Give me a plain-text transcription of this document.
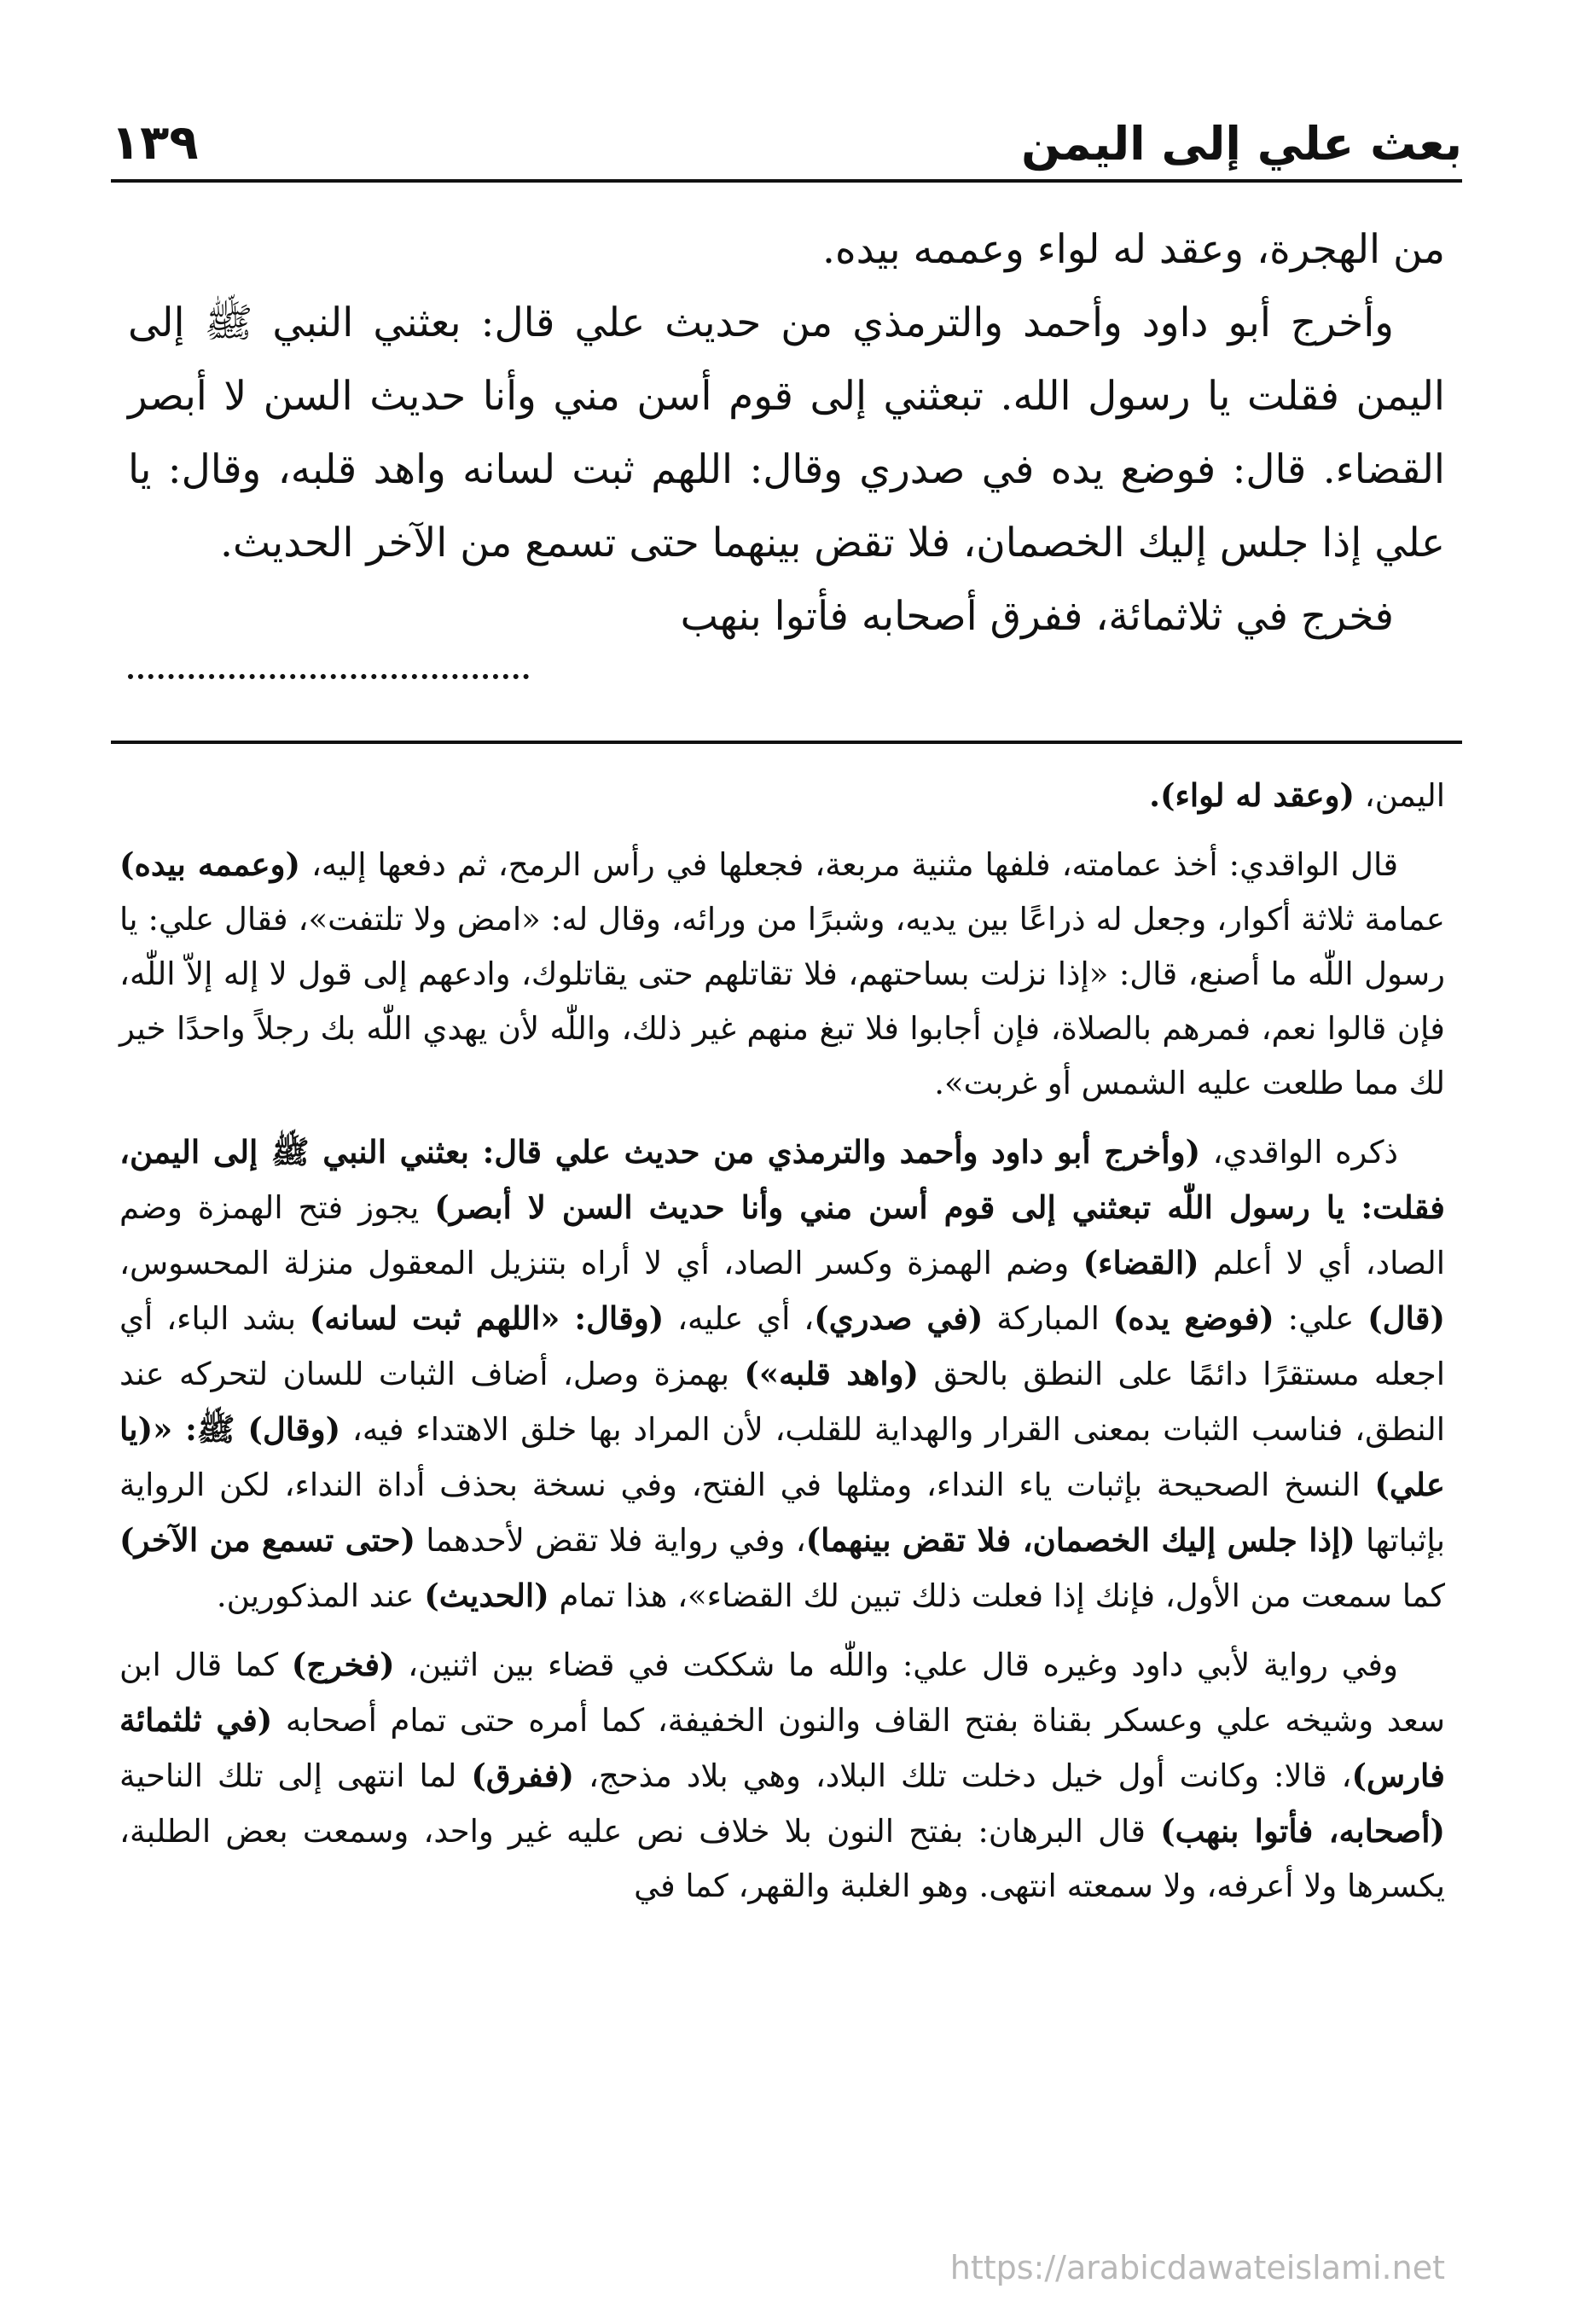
١٣٩	بعث علي إلى اليمن

من الهجرة، وعقد له لواء وعممه بيده.

وأخرج أبو داود وأحمد والترمذي من حديث علي قال: بعثني النبي ﷺ إلى اليمن فقلت يا رسول الله. تبعثني إلى قوم أسن مني وأنا حديث السن لا أبصر القضاء. قال: فوضع يده في صدري وقال: اللهم ثبت لسانه واهد قلبه، وقال: يا علي إذا جلس إليك الخصمان، فلا تقض بينهما حتى تسمع من الآخر الحديث.

فخرج في ثلاثمائة، ففرق أصحابه فأتوا بنهب

اليمن، (وعقد له لواء).

قال الواقدي: أخذ عمامته، فلفها مثنية مربعة، فجعلها في رأس الرمح، ثم دفعها إليه، (وعممه بيده) عمامة ثلاثة أكوار، وجعل له ذراعًا بين يديه، وشبرًا من ورائه، وقال له: «امض ولا تلتفت»، فقال علي: يا رسول اللّٰه ما أصنع، قال: «إذا نزلت بساحتهم، فلا تقاتلهم حتى يقاتلوك، وادعهم إلى قول لا إله إلاّ اللّٰه، فإن قالوا نعم، فمرهم بالصلاة، فإن أجابوا فلا تبغ منهم غير ذلك، واللّٰه لأن يهدي اللّٰه بك رجلاً واحدًا خير لك مما طلعت عليه الشمس أو غربت».

ذكره الواقدي، (وأخرج أبو داود وأحمد والترمذي من حديث علي قال: بعثني النبي ﷺ إلى اليمن، فقلت: يا رسول اللّٰه تبعثني إلى قوم أسن مني وأنا حديث السن لا أبصر) يجوز فتح الهمزة وضم الصاد، أي لا أعلم (القضاء) وضم الهمزة وكسر الصاد، أي لا أراه بتنزيل المعقول منزلة المحسوس، (قال) علي: (فوضع يده) المباركة (في صدري)، أي عليه، (وقال: «اللهم ثبت لسانه) بشد الباء، أي اجعله مستقرًا دائمًا على النطق بالحق (واهد قلبه») بهمزة وصل، أضاف الثبات للسان لتحركه عند النطق، فناسب الثبات بمعنى القرار والهداية للقلب، لأن المراد بها خلق الاهتداء فيه، (وقال) ﷺ: «(يا علي) النسخ الصحيحة بإثبات ياء النداء، ومثلها في الفتح، وفي نسخة بحذف أداة النداء، لكن الرواية بإثباتها (إذا جلس إليك الخصمان، فلا تقض بينهما)، وفي رواية فلا تقض لأحدهما (حتى تسمع من الآخر) كما سمعت من الأول، فإنك إذا فعلت ذلك تبين لك القضاء»، هذا تمام (الحديث) عند المذكورين.

وفي رواية لأبي داود وغيره قال علي: واللّٰه ما شككت في قضاء بين اثنين، (فخرج) كما قال ابن سعد وشيخه علي وعسكر بقناة بفتح القاف والنون الخفيفة، كما أمره حتى تمام أصحابه (في ثلثمائة فارس)، قالا: وكانت أول خيل دخلت تلك البلاد، وهي بلاد مذحج، (ففرق) لما انتهى إلى تلك الناحية (أصحابه، فأتوا بنهب) قال البرهان: بفتح النون بلا خلاف نص عليه غير واحد، وسمعت بعض الطلبة، يكسرها ولا أعرفه، ولا سمعته انتهى. وهو الغلبة والقهر، كما في

https://arabicdawateislami.net
